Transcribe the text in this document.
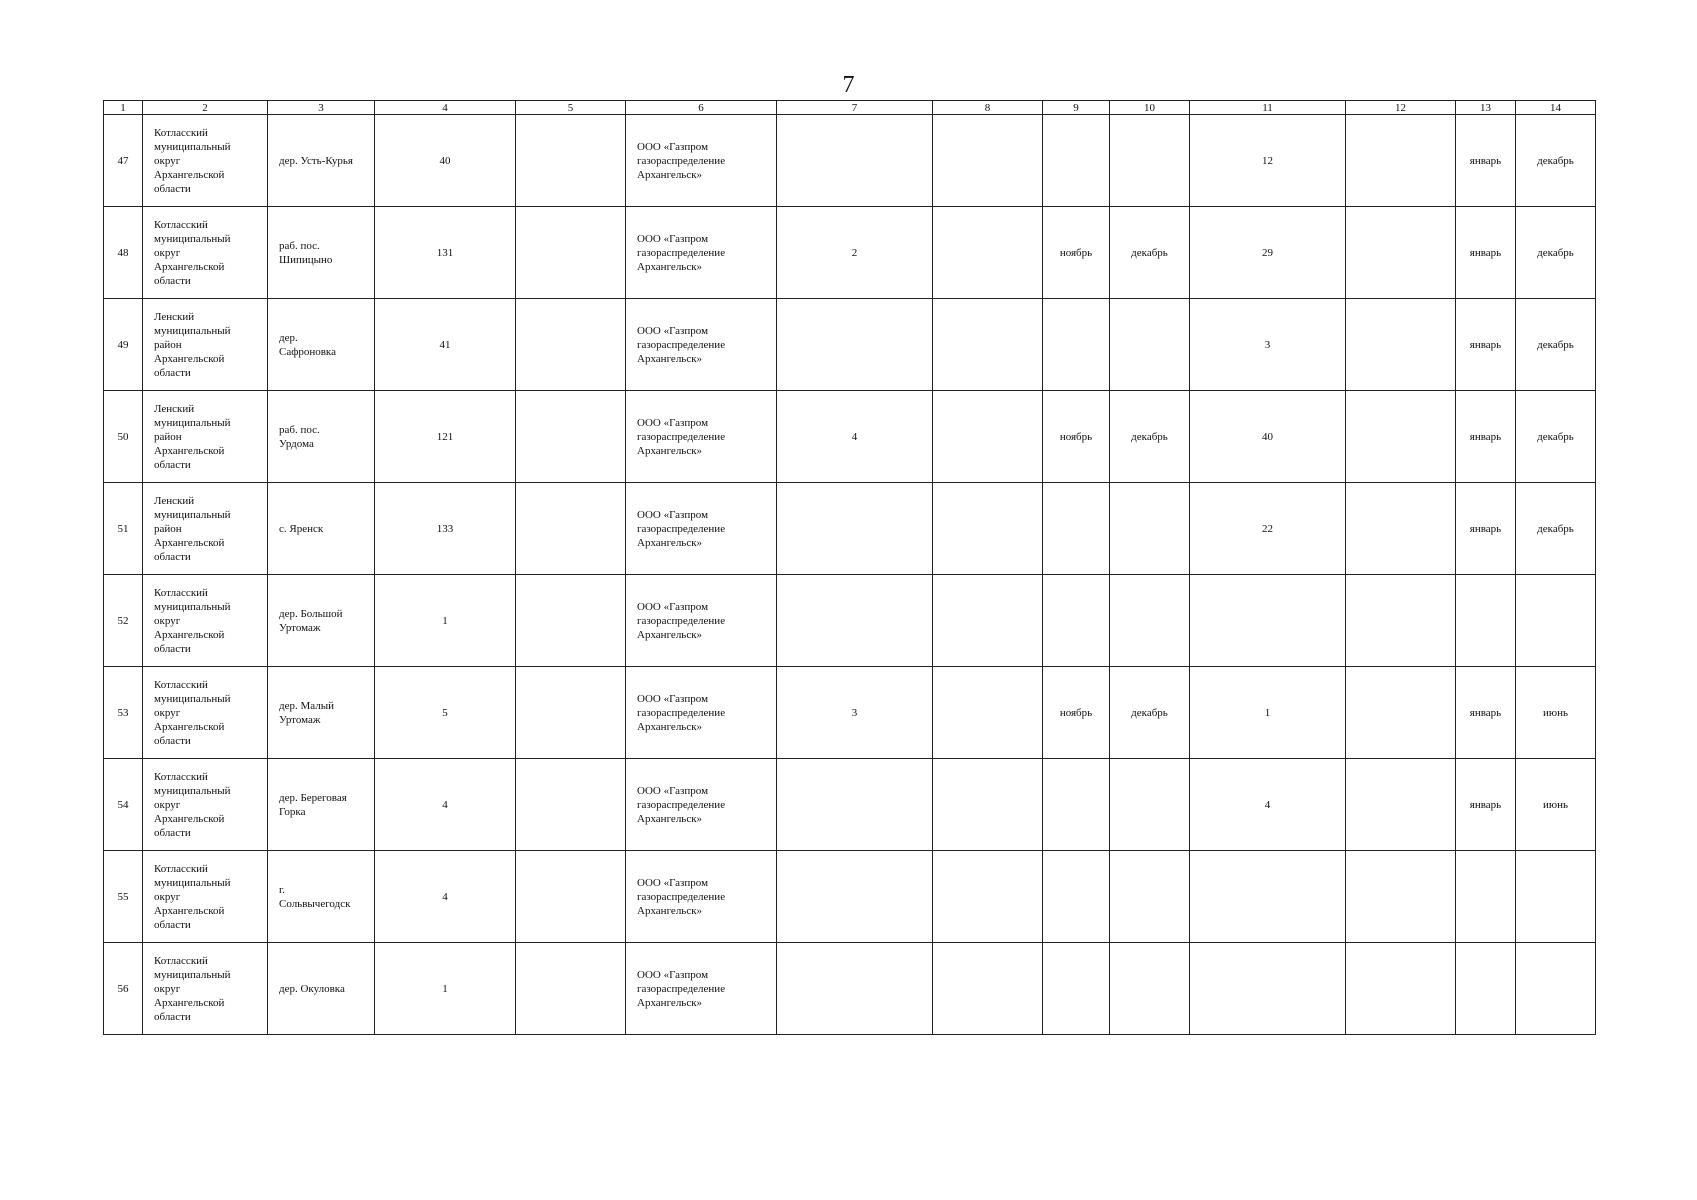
7
1	2	3	4	5	6	7	8	9	10	11	12	13	14

47	Котласский
муниципальный
округ
Архангельской
области	дер. Усть-Курья	40		ООО «Газпром
газораспределение
Архангельск»					12		январь	декабрь

48	Котласский
муниципальный
округ
Архангельской
области	раб. пос.
Шипицыно	131		ООО «Газпром
газораспределение
Архангельск»	2		ноябрь	декабрь	29		январь	декабрь

49	Ленский
муниципальный
район
Архангельской
области	дер.
Сафроновка	41		ООО «Газпром
газораспределение
Архангельск»					3		январь	декабрь

50	Ленский
муниципальный
район
Архангельской
области	раб. пос.
Урдома	121		ООО «Газпром
газораспределение
Архангельск»	4		ноябрь	декабрь	40		январь	декабрь

51	Ленский
муниципальный
район
Архангельской
области	с. Яренск	133		ООО «Газпром
газораспределение
Архангельск»					22		январь	декабрь

52	Котласский
муниципальный
округ
Архангельской
области	дер. Большой
Уртомаж	1		ООО «Газпром
газораспределение
Архангельск»								

53	Котласский
муниципальный
округ
Архангельской
области	дер. Малый
Уртомаж	5		ООО «Газпром
газораспределение
Архангельск»	3		ноябрь	декабрь	1		январь	июнь

54	Котласский
муниципальный
округ
Архангельской
области	дер. Береговая
Горка	4		ООО «Газпром
газораспределение
Архангельск»					4		январь	июнь

55	Котласский
муниципальный
округ
Архангельской
области	г.
Сольвычегодск	4		ООО «Газпром
газораспределение
Архангельск»								

56	Котласский
муниципальный
округ
Архангельской
области	дер. Окуловка	1		ООО «Газпром
газораспределение
Архангельск»								
